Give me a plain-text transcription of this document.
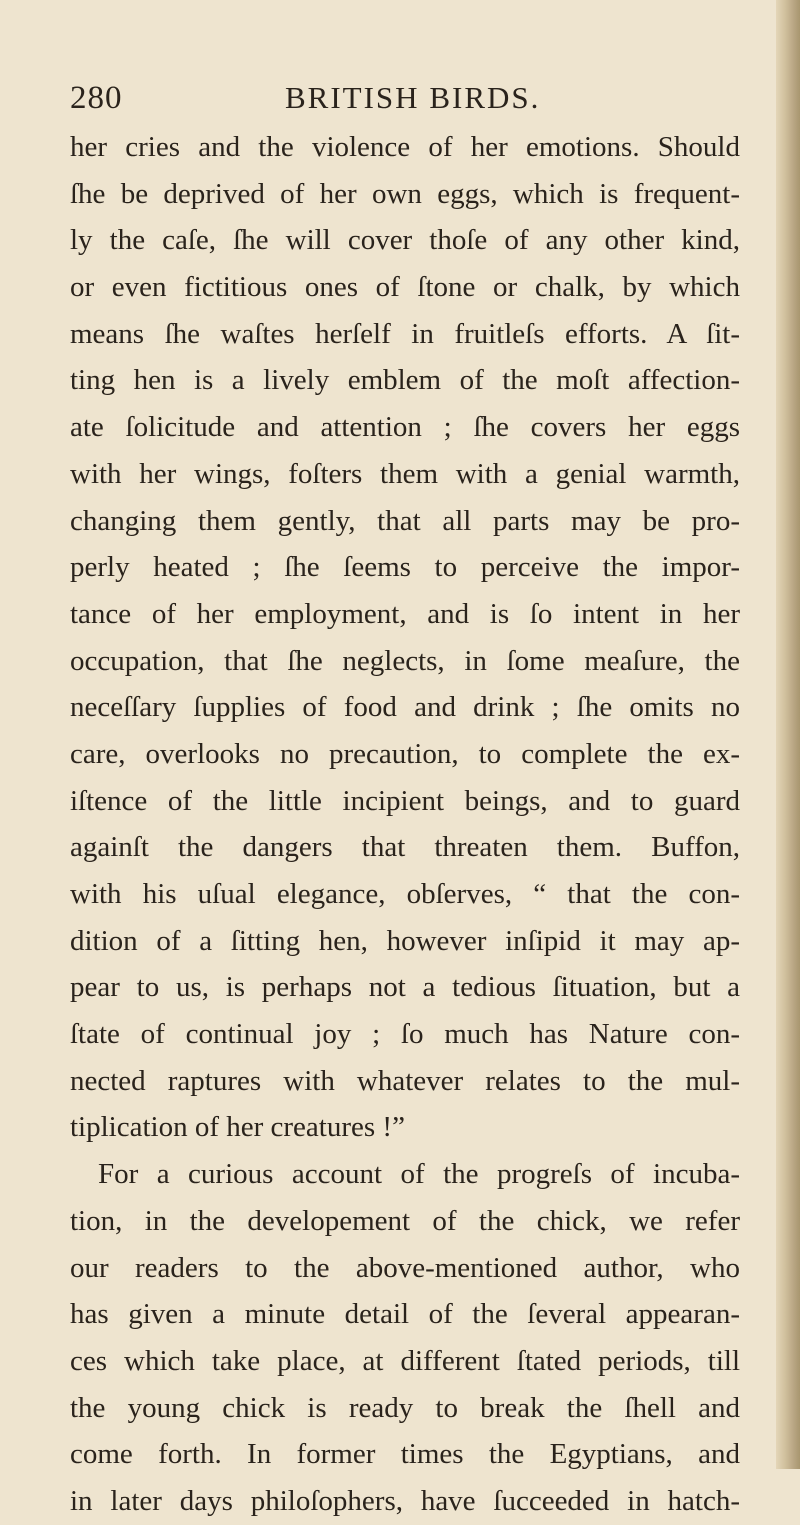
280	BRITISH BIRDS.
her cries and the violence of her emotions. Should
ſhe be deprived of her own eggs, which is frequent-
ly the caſe, ſhe will cover thoſe of any other kind,
or even fictitious ones of ſtone or chalk, by which
means ſhe waſtes herſelf in fruitleſs efforts. A ſit-
ting hen is a lively emblem of the moſt affection-
ate ſolicitude and attention ; ſhe covers her eggs
with her wings, foſters them with a genial warmth,
changing them gently, that all parts may be pro-
perly heated ; ſhe ſeems to perceive the impor-
tance of her employment, and is ſo intent in her
occupation, that ſhe neglects, in ſome meaſure, the
neceſſary ſupplies of food and drink ; ſhe omits no
care, overlooks no precaution, to complete the ex-
iſtence of the little incipient beings, and to guard
againſt the dangers that threaten them. Buffon,
with his uſual elegance, obſerves, “ that the con-
dition of a ſitting hen, however inſipid it may ap-
pear to us, is perhaps not a tedious ſituation, but a
ſtate of continual joy ; ſo much has Nature con-
nected raptures with whatever relates to the mul-
tiplication of her creatures !”
For a curious account of the progreſs of incuba-
tion, in the developement of the chick, we refer
our readers to the above-mentioned author, who
has given a minute detail of the ſeveral appearan-
ces which take place, at different ſtated periods, till
the young chick is ready to break the ſhell and
come forth. In former times the Egyptians, and
in later days philoſophers, have ſucceeded in hatch-
